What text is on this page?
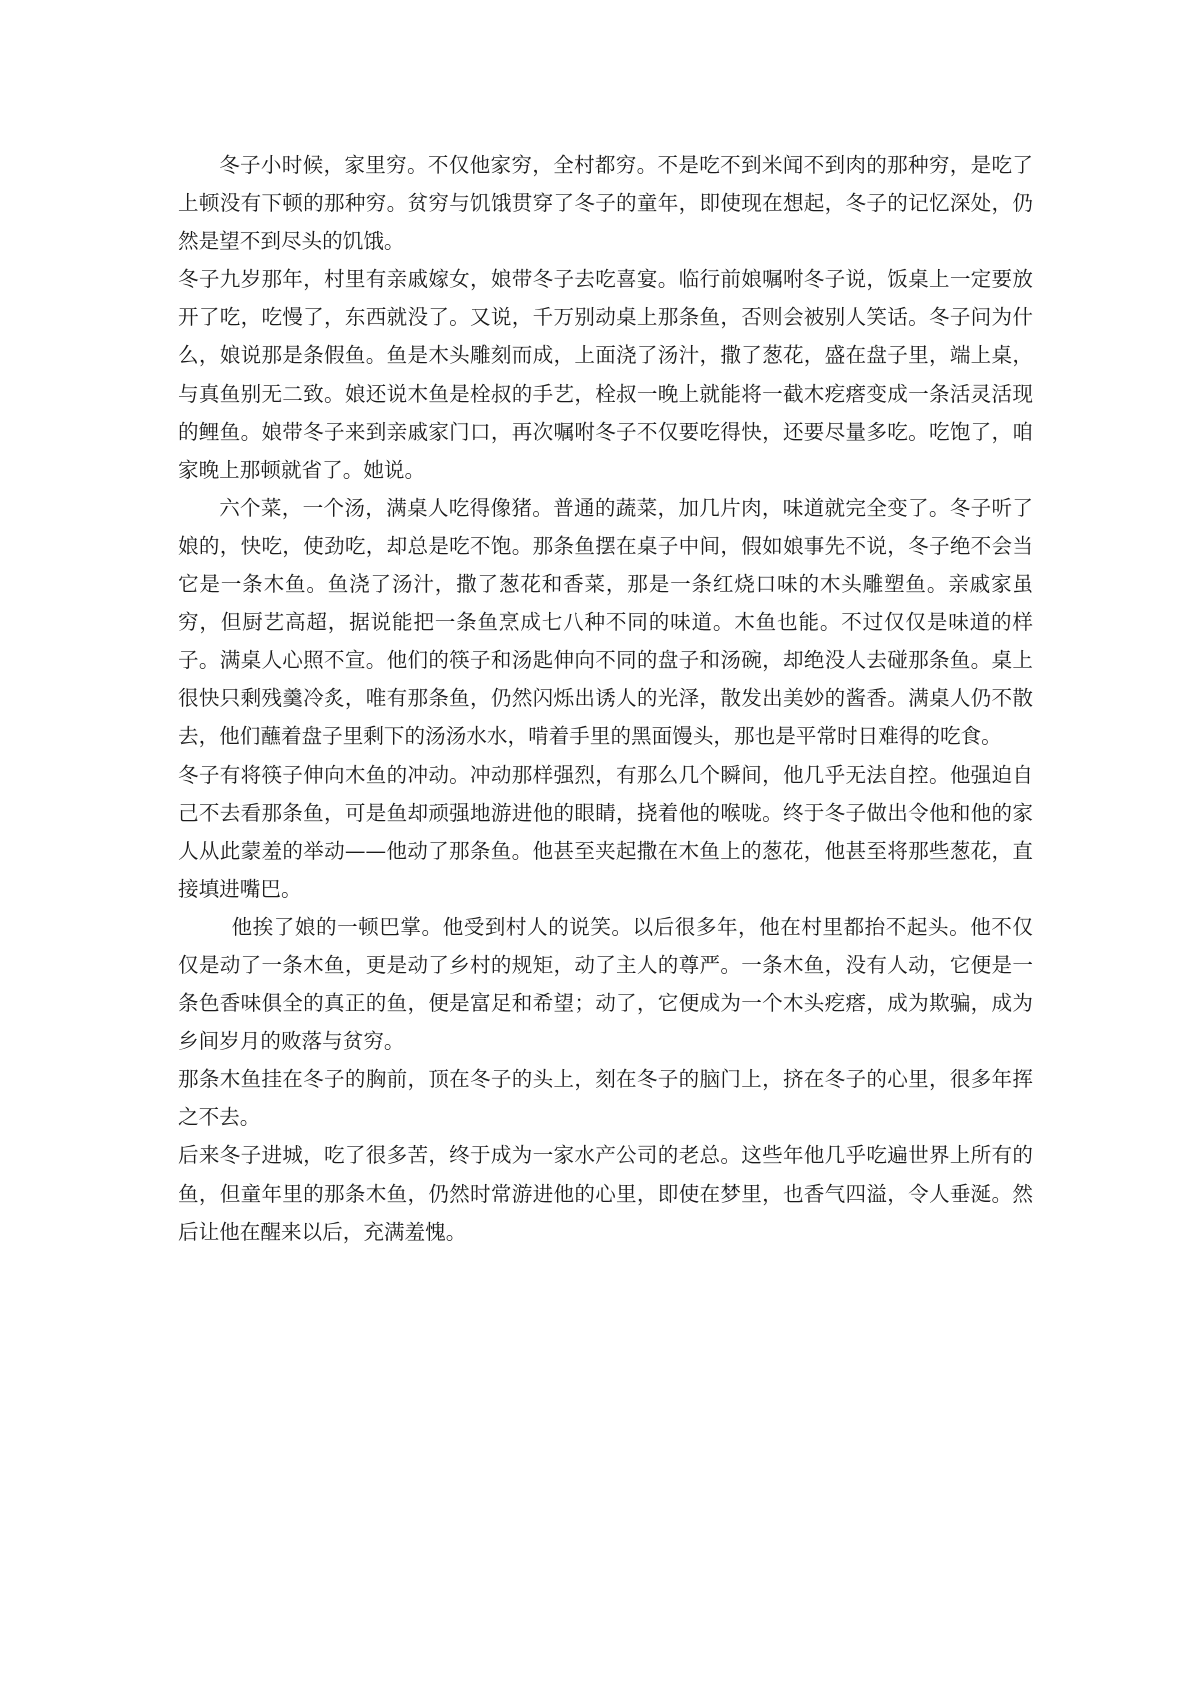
冬子小时候，家里穷。不仅他家穷，全村都穷。不是吃不到米闻不到肉的那种穷，是吃了上顿没有下顿的那种穷。贫穷与饥饿贯穿了冬子的童年，即使现在想起，冬子的记忆深处，仍然是望不到尽头的饥饿。

冬子九岁那年，村里有亲戚嫁女，娘带冬子去吃喜宴。临行前娘嘱咐冬子说，饭桌上一定要放开了吃，吃慢了，东西就没了。又说，千万别动桌上那条鱼，否则会被别人笑话。冬子问为什么，娘说那是条假鱼。鱼是木头雕刻而成，上面浇了汤汁，撒了葱花，盛在盘子里，端上桌，与真鱼别无二致。娘还说木鱼是栓叔的手艺，栓叔一晚上就能将一截木疙瘩变成一条活灵活现的鲤鱼。娘带冬子来到亲戚家门口，再次嘱咐冬子不仅要吃得快，还要尽量多吃。吃饱了，咱家晚上那顿就省了。她说。

六个菜，一个汤，满桌人吃得像猪。普通的蔬菜，加几片肉，味道就完全变了。冬子听了娘的，快吃，使劲吃，却总是吃不饱。那条鱼摆在桌子中间，假如娘事先不说，冬子绝不会当它是一条木鱼。鱼浇了汤汁，撒了葱花和香菜，那是一条红烧口味的木头雕塑鱼。亲戚家虽穷，但厨艺高超，据说能把一条鱼烹成七八种不同的味道。木鱼也能。不过仅仅是味道的样子。满桌人心照不宣。他们的筷子和汤匙伸向不同的盘子和汤碗，却绝没人去碰那条鱼。桌上很快只剩残羹冷炙，唯有那条鱼，仍然闪烁出诱人的光泽，散发出美妙的酱香。满桌人仍不散去，他们蘸着盘子里剩下的汤汤水水，啃着手里的黑面馒头，那也是平常时日难得的吃食。

冬子有将筷子伸向木鱼的冲动。冲动那样强烈，有那么几个瞬间，他几乎无法自控。他强迫自己不去看那条鱼，可是鱼却顽强地游进他的眼睛，挠着他的喉咙。终于冬子做出令他和他的家人从此蒙羞的举动——他动了那条鱼。他甚至夹起撒在木鱼上的葱花，他甚至将那些葱花，直接填进嘴巴。

他挨了娘的一顿巴掌。他受到村人的说笑。以后很多年，他在村里都抬不起头。他不仅仅是动了一条木鱼，更是动了乡村的规矩，动了主人的尊严。一条木鱼，没有人动，它便是一条色香味俱全的真正的鱼，便是富足和希望；动了，它便成为一个木头疙瘩，成为欺骗，成为乡间岁月的败落与贫穷。

那条木鱼挂在冬子的胸前，顶在冬子的头上，刻在冬子的脑门上，挤在冬子的心里，很多年挥之不去。

后来冬子进城，吃了很多苦，终于成为一家水产公司的老总。这些年他几乎吃遍世界上所有的鱼，但童年里的那条木鱼，仍然时常游进他的心里，即使在梦里，也香气四溢，令人垂涎。然后让他在醒来以后，充满羞愧。
